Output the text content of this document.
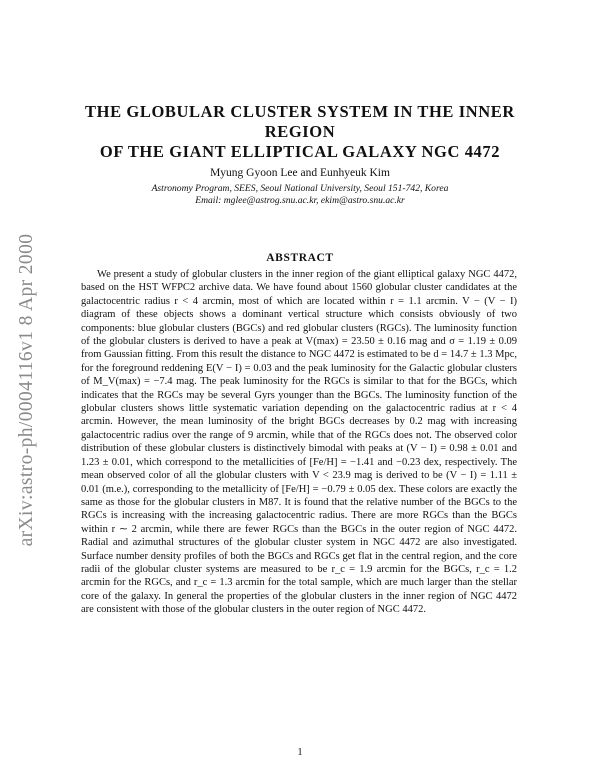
arXiv:astro-ph/0004116v1 8 Apr 2000
THE GLOBULAR CLUSTER SYSTEM IN THE INNER REGION
OF THE GIANT ELLIPTICAL GALAXY NGC 4472

Myung Gyoon Lee and Eunhyeuk Kim

Astronomy Program, SEES, Seoul National University, Seoul 151-742, Korea

Email: mglee@astrog.snu.ac.kr, ekim@astro.snu.ac.kr

ABSTRACT

We present a study of globular clusters in the inner region of the giant elliptical galaxy NGC 4472, based on the HST WFPC2 archive data. We have found about 1560 globular cluster candidates at the galactocentric radius r < 4 arcmin, most of which are located within r = 1.1 arcmin. V − (V − I) diagram of these objects shows a dominant vertical structure which consists obviously of two components: blue globular clusters (BGCs) and red globular clusters (RGCs). The luminosity function of the globular clusters is derived to have a peak at V(max) = 23.50 ± 0.16 mag and σ = 1.19 ± 0.09 from Gaussian fitting. From this result the distance to NGC 4472 is estimated to be d = 14.7 ± 1.3 Mpc, for the foreground reddening E(V − I) = 0.03 and the peak luminosity for the Galactic globular clusters of M_V(max) = −7.4 mag. The peak luminosity for the RGCs is similar to that for the BGCs, which indicates that the RGCs may be several Gyrs younger than the BGCs. The luminosity function of the globular clusters shows little systematic variation depending on the galactocentric radius at r < 4 arcmin. However, the mean luminosity of the bright BGCs decreases by 0.2 mag with increasing galactocentric radius over the range of 9 arcmin, while that of the RGCs does not. The observed color distribution of these globular clusters is distinctively bimodal with peaks at (V − I) = 0.98 ± 0.01 and 1.23 ± 0.01, which correspond to the metallicities of [Fe/H] = −1.41 and −0.23 dex, respectively. The mean observed color of all the globular clusters with V < 23.9 mag is derived to be (V − I) = 1.11 ± 0.01 (m.e.), corresponding to the metallicity of [Fe/H] = −0.79 ± 0.05 dex. These colors are exactly the same as those for the globular clusters in M87. It is found that the relative number of the BGCs to the RGCs is increasing with the increasing galactocentric radius. There are more RGCs than the BGCs within r ∼ 2 arcmin, while there are fewer RGCs than the BGCs in the outer region of NGC 4472. Radial and azimuthal structures of the globular cluster system in NGC 4472 are also investigated. Surface number density profiles of both the BGCs and RGCs get flat in the central region, and the core radii of the globular cluster systems are measured to be r_c = 1.9 arcmin for the BGCs, r_c = 1.2 arcmin for the RGCs, and r_c = 1.3 arcmin for the total sample, which are much larger than the stellar core of the galaxy. In general the properties of the globular clusters in the inner region of NGC 4472 are consistent with those of the globular clusters in the outer region of NGC 4472.

1
